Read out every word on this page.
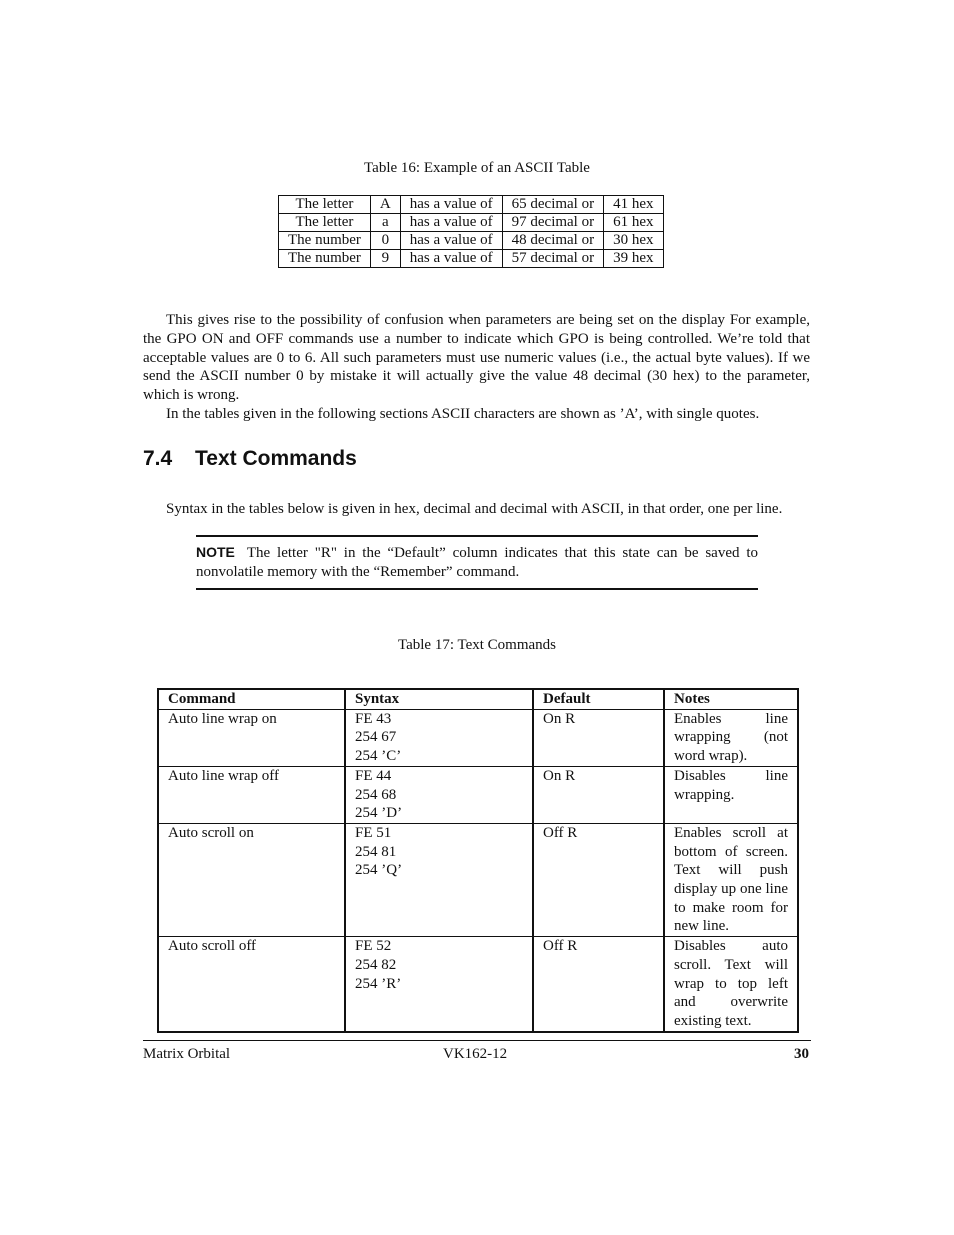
Table 16: Example of an ASCII Table
The letter	A	has a value of	65 decimal or	41 hex
The letter	a	has a value of	97 decimal or	61 hex
The number	0	has a value of	48 decimal or	30 hex
The number	9	has a value of	57 decimal or	39 hex

This gives rise to the possibility of confusion when parameters are being set on the display For example, the GPO ON and OFF commands use a number to indicate which GPO is being controlled. We’re told that acceptable values are 0 to 6. All such parameters must use numeric values (i.e., the actual byte values). If we send the ASCII number 0 by mistake it will actually give the value 48 decimal (30 hex) to the parameter, which is wrong.

In the tables given in the following sections ASCII characters are shown as ’A’, with single quotes.

7.4 Text Commands

Syntax in the tables below is given in hex, decimal and decimal with ASCII, in that order, one per line.

NOTE The letter "R" in the “Default” column indicates that this state can be saved to nonvolatile memory with the “Remember” command.
Table 17: Text Commands
Command	Syntax	Default	Notes
Auto line wrap on	FE 43
254 67
254 ’C’	On R	Enables line wrapping (not word wrap).
Auto line wrap off	FE 44
254 68
254 ’D’	On R	Disables line wrapping.
Auto scroll on	FE 51
254 81
254 ’Q’	Off R	Enables scroll at bottom of screen. Text will push display up one line to make room for new line.
Auto scroll off	FE 52
254 82
254 ’R’	Off R	Disables auto scroll. Text will wrap to top left and overwrite existing text.
Matrix Orbital	VK162-12	30
